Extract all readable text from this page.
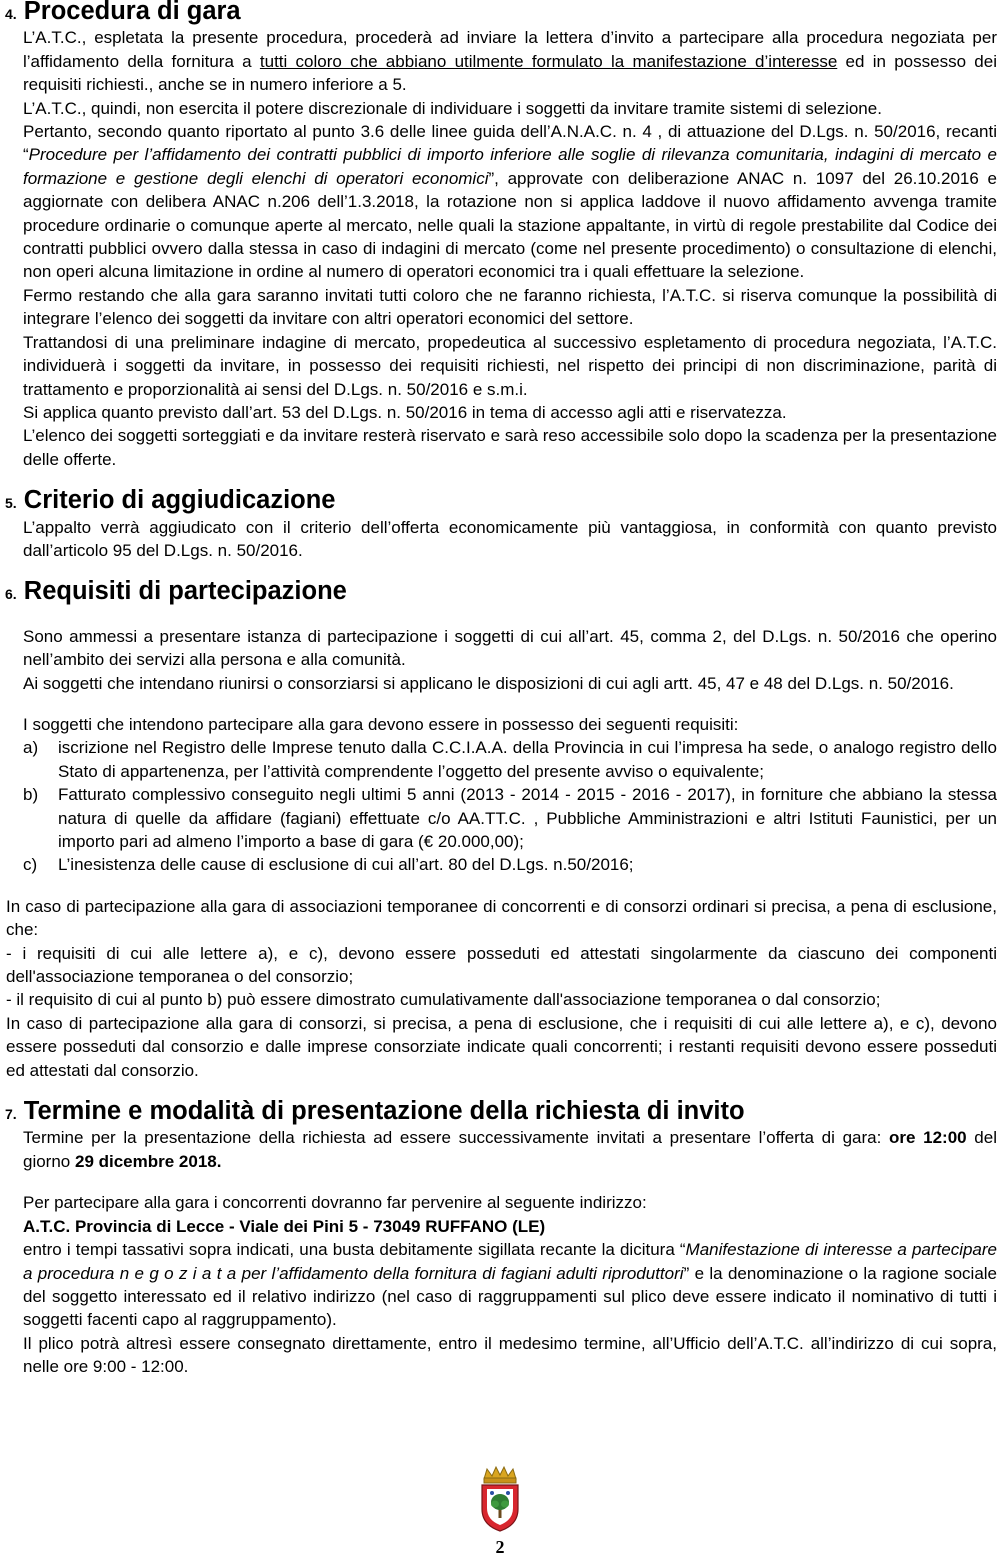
4. Procedura di gara

L’A.T.C., espletata la presente procedura, procederà ad inviare la lettera d’invito a partecipare alla procedura negoziata per l’affidamento della fornitura a tutti coloro che abbiano utilmente formulato la manifestazione d’interesse ed in possesso dei requisiti richiesti., anche se in numero inferiore a 5.

L’A.T.C., quindi, non esercita il potere discrezionale di individuare i soggetti da invitare tramite sistemi di selezione.

Pertanto, secondo quanto riportato al punto 3.6 delle linee guida dell’A.N.A.C. n. 4 , di attuazione del D.Lgs. n. 50/2016, recanti “Procedure per l’affidamento dei contratti pubblici di importo inferiore alle soglie di rilevanza comunitaria, indagini di mercato e formazione e gestione degli elenchi di operatori economici”, approvate con deliberazione ANAC n. 1097 del 26.10.2016 e aggiornate con delibera ANAC n.206 dell’1.3.2018, la rotazione non si applica laddove il nuovo affidamento avvenga tramite procedure ordinarie o comunque aperte al mercato, nelle quali la stazione appaltante, in virtù di regole prestabilite dal Codice dei contratti pubblici ovvero dalla stessa in caso di indagini di mercato (come nel presente procedimento) o consultazione di elenchi, non operi alcuna limitazione in ordine al numero di operatori economici tra i quali effettuare la selezione.

Fermo restando che alla gara saranno invitati tutti coloro che ne faranno richiesta, l’A.T.C. si riserva comunque la possibilità di integrare l’elenco dei soggetti da invitare con altri operatori economici del settore.

Trattandosi di una preliminare indagine di mercato, propedeutica al successivo espletamento di procedura negoziata, l’A.T.C. individuerà i soggetti da invitare, in possesso dei requisiti richiesti, nel rispetto dei principi di non discriminazione, parità di trattamento e proporzionalità ai sensi del D.Lgs. n. 50/2016 e s.m.i.

Si applica quanto previsto dall’art. 53 del D.Lgs. n. 50/2016 in tema di accesso agli atti e riservatezza.

L’elenco dei soggetti sorteggiati e da invitare resterà riservato e sarà reso accessibile solo dopo la scadenza per la presentazione delle offerte.

5. Criterio di aggiudicazione

L’appalto verrà aggiudicato con il criterio dell’offerta economicamente più vantaggiosa, in conformità con quanto previsto dall’articolo 95 del D.Lgs. n. 50/2016.

6. Requisiti di partecipazione

Sono ammessi a presentare istanza di partecipazione i soggetti di cui all’art. 45, comma 2, del D.Lgs. n. 50/2016 che operino nell’ambito dei servizi alla persona e alla comunità.

Ai soggetti che intendano riunirsi o consorziarsi si applicano le disposizioni di cui agli artt. 45, 47 e 48 del D.Lgs. n. 50/2016.

I soggetti che intendono partecipare alla gara devono essere in possesso dei seguenti requisiti:

a)	iscrizione nel Registro delle Imprese tenuto dalla C.C.I.A.A. della Provincia in cui l’impresa ha sede, o analogo registro dello Stato di appartenenza, per l’attività comprendente l’oggetto del presente avviso o equivalente;
b)	Fatturato complessivo conseguito negli ultimi 5 anni (2013 - 2014 - 2015 - 2016 - 2017), in forniture che abbiano la stessa natura di quelle da affidare (fagiani) effettuate c/o AA.TT.C. , Pubbliche Amministrazioni e altri Istituti Faunistici, per un importo pari ad almeno l’importo a base di gara (€ 20.000,00);
c)	L’inesistenza delle cause di esclusione di cui all’art. 80 del D.Lgs. n.50/2016;

In caso di partecipazione alla gara di associazioni temporanee di concorrenti e di consorzi ordinari si precisa, a pena di esclusione, che:

- i requisiti di cui alle lettere a), e c), devono essere posseduti ed attestati singolarmente da ciascuno dei componenti dell'associazione temporanea o del consorzio;

- il requisito di cui al punto b) può essere dimostrato cumulativamente dall'associazione temporanea o dal consorzio;

In caso di partecipazione alla gara di consorzi, si precisa, a pena di esclusione, che i requisiti di cui alle lettere a), e c), devono essere posseduti dal consorzio e dalle imprese consorziate indicate quali concorrenti; i restanti requisiti devono essere posseduti ed attestati dal consorzio.

7. Termine e modalità di presentazione della richiesta di invito

Termine per la presentazione della richiesta ad essere successivamente invitati a presentare l’offerta di gara: ore 12:00 del giorno 29 dicembre 2018.

Per partecipare alla gara i concorrenti dovranno far pervenire al seguente indirizzo:

A.T.C. Provincia di Lecce - Viale dei Pini 5 - 73049 RUFFANO (LE)

entro i tempi tassativi sopra indicati, una busta debitamente sigillata recante la dicitura “Manifestazione di interesse a partecipare a procedura n e g o z i a t a per l’affidamento della fornitura di fagiani adulti riproduttori” e la denominazione o la ragione sociale del soggetto interessato ed il relativo indirizzo (nel caso di raggruppamenti sul plico deve essere indicato il nominativo di tutti i soggetti facenti capo al raggruppamento).

Il plico potrà altresì essere consegnato direttamente, entro il medesimo termine, all’Ufficio dell’A.T.C. all’indirizzo di cui sopra, nelle ore 9:00 - 12:00.

2
